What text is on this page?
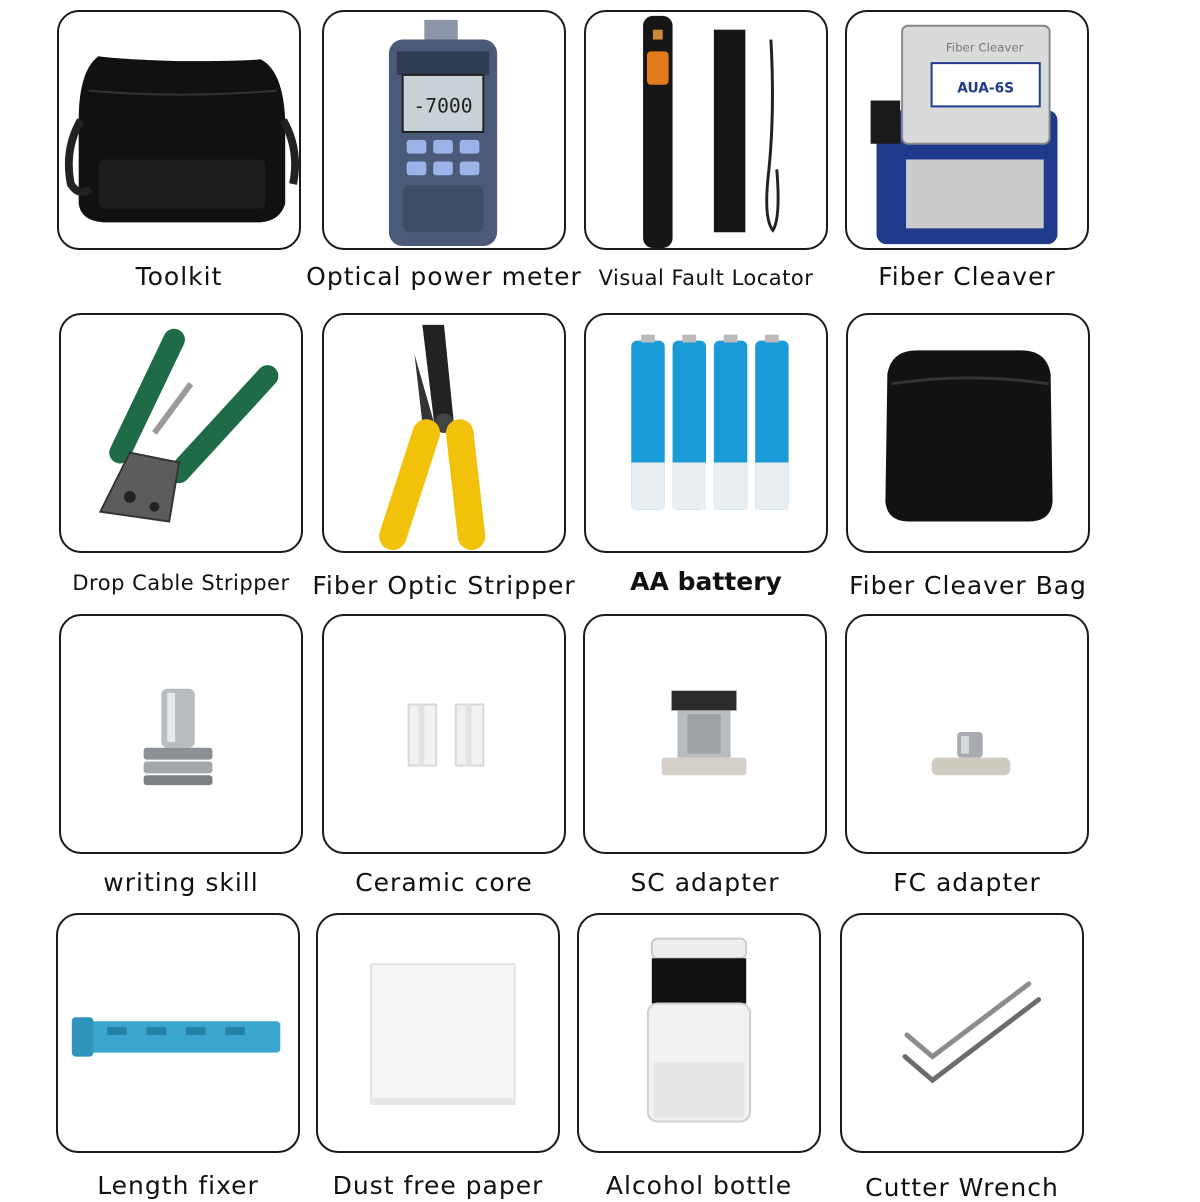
Toolkit
-7000
Optical power meter Visual Fault Locator
Fiber Cleaver
AUA-6S
Fiber Cleaver
Drop Cable Stripper Fiber Optic Stripper	AA battery	Fiber Cleaver Bag
writing skill	Ceramic core	SC adapter	FC adapter
Length fixer	Dust free paper	Alcohol bottle	Cutter Wrench
